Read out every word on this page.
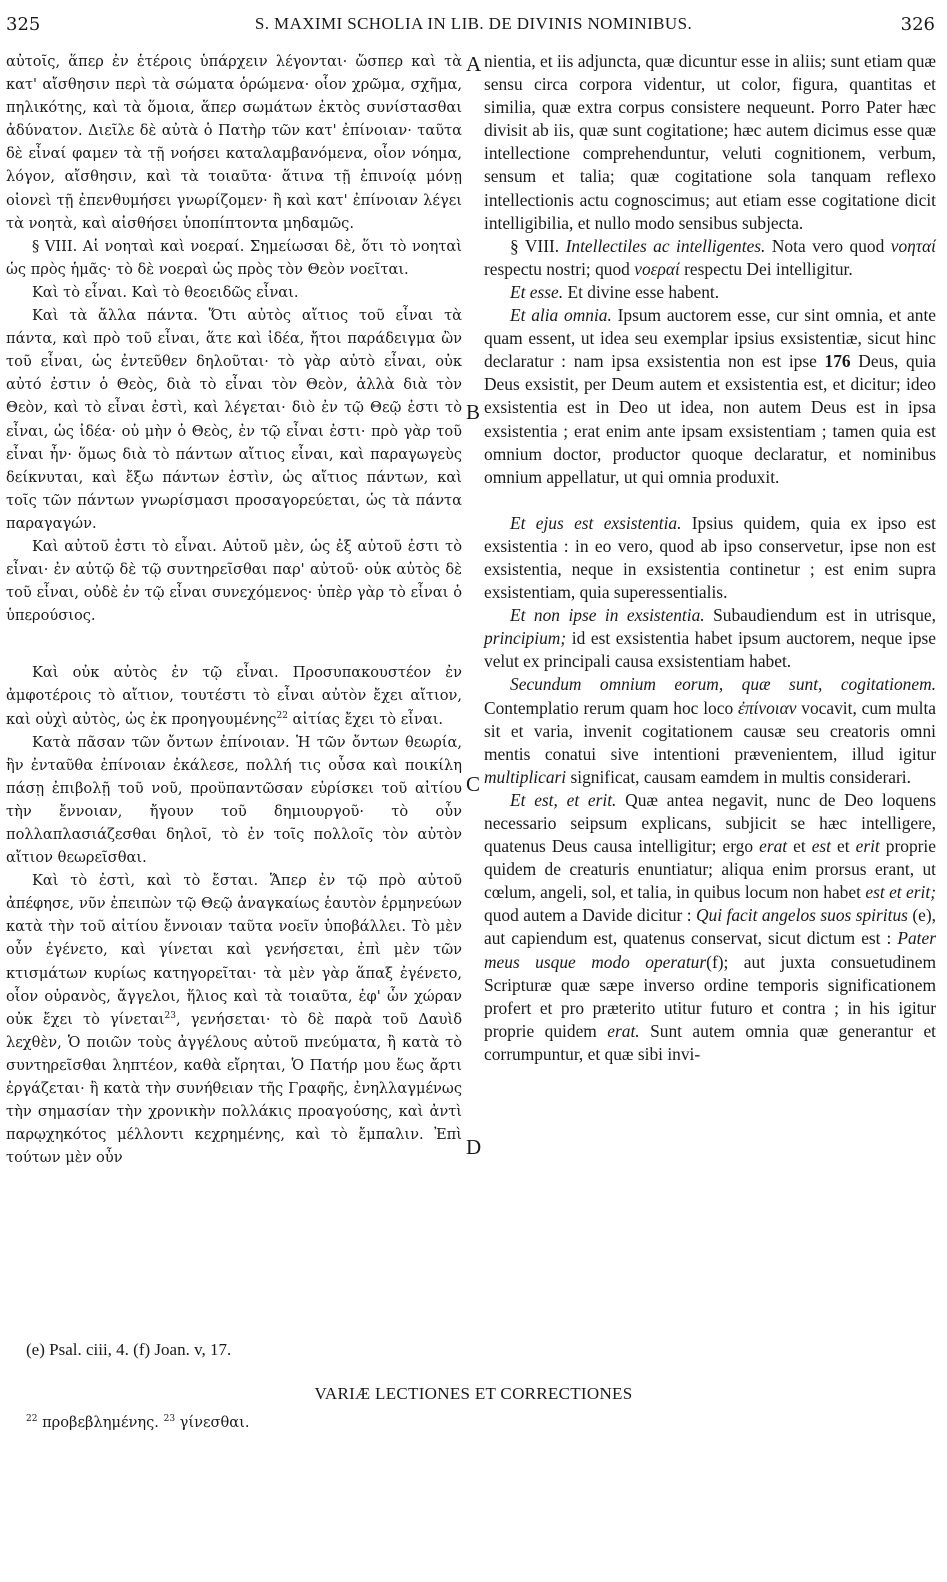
325	S. MAXIMI SCHOLIA IN LIB. DE DIVINIS NOMINIBUS.	326
A
B
C
D

αὐτοῖς, ἅπερ ἐν ἑτέροις ὑπάρχειν λέγονται· ὥσπερ καὶ τὰ κατ' αἴσθησιν περὶ τὰ σώματα ὁρώμενα· οἷον χρῶμα, σχῆμα, πηλικότης, καὶ τὰ ὅμοια, ἅπερ σωμάτων ἐκτὸς συνίστασθαι ἀδύνατον. Διεῖλε δὲ αὐτὰ ὁ Πατὴρ τῶν κατ' ἐπίνοιαν· ταῦτα δὲ εἶναί φαμεν τὰ τῇ νοήσει καταλαμβανόμενα, οἷον νόημα, λόγον, αἴσθησιν, καὶ τὰ τοιαῦτα· ἅτινα τῇ ἐπινοίᾳ μόνῃ οἱονεὶ τῇ ἐπενθυμήσει γνωρίζομεν· ἢ καὶ κατ' ἐπίνοιαν λέγει τὰ νοητὰ, καὶ αἰσθήσει ὑποπίπτοντα μηδαμῶς.

§ VIII. Αἱ νοηταὶ καὶ νοεραί. Σημείωσαι δὲ, ὅτι τὸ νοηταὶ ὡς πρὸς ἡμᾶς· τὸ δὲ νοεραὶ ὡς πρὸς τὸν Θεὸν νοεῖται.

Καὶ τὸ εἶναι. Καὶ τὸ θεοειδῶς εἶναι.

Καὶ τὰ ἄλλα πάντα. Ὅτι αὐτὸς αἴτιος τοῦ εἶναι τὰ πάντα, καὶ πρὸ τοῦ εἶναι, ἅτε καὶ ἰδέα, ἤτοι παράδειγμα ὢν τοῦ εἶναι, ὡς ἐντεῦθεν δηλοῦται· τὸ γὰρ αὐτὸ εἶναι, οὐκ αὐτό ἐστιν ὁ Θεὸς, διὰ τὸ εἶναι τὸν Θεὸν, ἀλλὰ διὰ τὸν Θεὸν, καὶ τὸ εἶναι ἐστὶ, καὶ λέγεται· διὸ ἐν τῷ Θεῷ ἐστι τὸ εἶναι, ὡς ἰδέα· οὐ μὴν ὁ Θεὸς, ἐν τῷ εἶναι ἐστι· πρὸ γὰρ τοῦ εἶναι ἦν· ὅμως διὰ τὸ πάντων αἴτιος εἶναι, καὶ παραγωγεὺς δείκνυται, καὶ ἔξω πάντων ἐστὶν, ὡς αἴτιος πάντων, καὶ τοῖς τῶν πάντων γνωρίσμασι προσαγορεύεται, ὡς τὰ πάντα παραγαγών.

Καὶ αὐτοῦ ἐστι τὸ εἶναι. Αὐτοῦ μὲν, ὡς ἐξ αὐτοῦ ἐστι τὸ εἶναι· ἐν αὐτῷ δὲ τῷ συντηρεῖσθαι παρ' αὐτοῦ· οὐκ αὐτὸς δὲ τοῦ εἶναι, οὐδὲ ἐν τῷ εἶναι συνεχόμενος· ὑπὲρ γὰρ τὸ εἶναι ὁ ὑπερούσιος.

Καὶ οὐκ αὐτὸς ἐν τῷ εἶναι. Προσυπακουστέον ἐν ἀμφοτέροις τὸ αἴτιον, τουτέστι τὸ εἶναι αὐτὸν ἔχει αἴτιον, καὶ οὐχὶ αὐτὸς, ὡς ἐκ προηγουμένης$^{22}$ αἰτίας ἔχει τὸ εἶναι.

Κατὰ πᾶσαν τῶν ὄντων ἐπίνοιαν. Ἡ τῶν ὄντων θεωρία, ἣν ἐνταῦθα ἐπίνοιαν ἐκάλεσε, πολλή τις οὖσα καὶ ποικίλη πάσῃ ἐπιβολῇ τοῦ νοῦ, προϋπαντῶσαν εὑρίσκει τοῦ αἰτίου τὴν ἔννοιαν, ἤγουν τοῦ δημιουργοῦ· τὸ οὖν πολλαπλασιάζεσθαι δηλοῖ, τὸ ἐν τοῖς πολλοῖς τὸν αὐτὸν αἴτιον θεωρεῖσθαι.

Καὶ τὸ ἐστὶ, καὶ τὸ ἔσται. Ἅπερ ἐν τῷ πρὸ αὐτοῦ ἀπέφησε, νῦν ἐπειπὼν τῷ Θεῷ ἀναγκαίως ἑαυτὸν ἑρμηνεύων κατὰ τὴν τοῦ αἰτίου ἔννοιαν ταῦτα νοεῖν ὑποβάλλει. Τὸ μὲν οὖν ἐγένετο, καὶ γίνεται καὶ γενήσεται, ἐπὶ μὲν τῶν κτισμάτων κυρίως κατηγορεῖται· τὰ μὲν γὰρ ἅπαξ ἐγένετο, οἷον οὐρανὸς, ἄγγελοι, ἥλιος καὶ τὰ τοιαῦτα, ἐφ' ὧν χώραν οὐκ ἔχει τὸ γίνεται$^{23}$, γενήσεται· τὸ δὲ παρὰ τοῦ Δαυὶδ λεχθὲν, Ὁ ποιῶν τοὺς ἀγγέλους αὐτοῦ πνεύματα, ἢ κατὰ τὸ συντηρεῖσθαι ληπτέον, καθὰ εἴρηται, Ὁ Πατήρ μου ἕως ἄρτι ἐργάζεται· ἢ κατὰ τὴν συνήθειαν τῆς Γραφῆς, ἐνηλλαγμένως τὴν σημασίαν τὴν χρονικὴν πολλάκις προαγούσης, καὶ ἀντὶ παρῳχηκότος μέλλοντι κεχρημένης, καὶ τὸ ἔμπαλιν. Ἐπὶ τούτων μὲν οὖν

nientia, et iis adjuncta, quæ dicuntur esse in aliis; sunt etiam quæ sensu circa corpora videntur, ut color, figura, quantitas et similia, quæ extra corpus consistere nequeunt. Porro Pater hæc divisit ab iis, quæ sunt cogitatione; hæc autem dicimus esse quæ intellectione comprehenduntur, veluti cognitionem, verbum, sensum et talia; quæ cogitatione sola tanquam reflexo intellectionis actu cognoscimus; aut etiam esse cogitatione dicit intelligibilia, et nullo modo sensibus subjecta.

§ VIII. Intellectiles ac intelligentes. Nota vero quod νοηταί respectu nostri; quod νοεραί respectu Dei intelligitur.

Et esse. Et divine esse habent.

Et alia omnia. Ipsum auctorem esse, cur sint omnia, et ante quam essent, ut idea seu exemplar ipsius exsistentiæ, sicut hinc declaratur : nam ipsa exsistentia non est ipse 176 Deus, quia Deus exsistit, per Deum autem et exsistentia est, et dicitur; ideo exsistentia est in Deo ut idea, non autem Deus est in ipsa exsistentia ; erat enim ante ipsam exsistentiam ; tamen quia est omnium doctor, productor quoque declaratur, et nominibus omnium appellatur, ut qui omnia produxit.

Et ejus est exsistentia. Ipsius quidem, quia ex ipso est exsistentia : in eo vero, quod ab ipso conservetur, ipse non est exsistentia, neque in exsistentia continetur ; est enim supra exsistentiam, quia superessentialis.

Et non ipse in exsistentia. Subaudiendum est in utrisque, principium; id est exsistentia habet ipsum auctorem, neque ipse velut ex principali causa exsistentiam habet.

Secundum omnium eorum, quæ sunt, cogitationem. Contemplatio rerum quam hoc loco ἐπίνοιαν vocavit, cum multa sit et varia, invenit cogitationem causæ seu creatoris omni mentis conatui sive intentioni prævenientem, illud igitur multiplicari significat, causam eamdem in multis considerari.

Et est, et erit. Quæ antea negavit, nunc de Deo loquens necessario seipsum explicans, subjicit se hæc intelligere, quatenus Deus causa intelligitur; ergo erat et est et erit proprie quidem de creaturis enuntiatur; aliqua enim prorsus erant, ut cœlum, angeli, sol, et talia, in quibus locum non habet est et erit; quod autem a Davide dicitur : Qui facit angelos suos spiritus (e), aut capiendum est, quatenus conservat, sicut dictum est : Pater meus usque modo operatur(f); aut juxta consuetudinem Scripturæ quæ sæpe inverso ordine temporis significationem profert et pro præterito utitur futuro et contra ; in his igitur proprie quidem erat. Sunt autem omnia quæ generantur et corrumpuntur, et quæ sibi invi-

(e) Psal. ciii, 4. (f) Joan. v, 17.
VARIÆ LECTIONES ET CORRECTIONES
$^{22}$ προβεβλημένης. $^{23}$ γίνεσθαι.
